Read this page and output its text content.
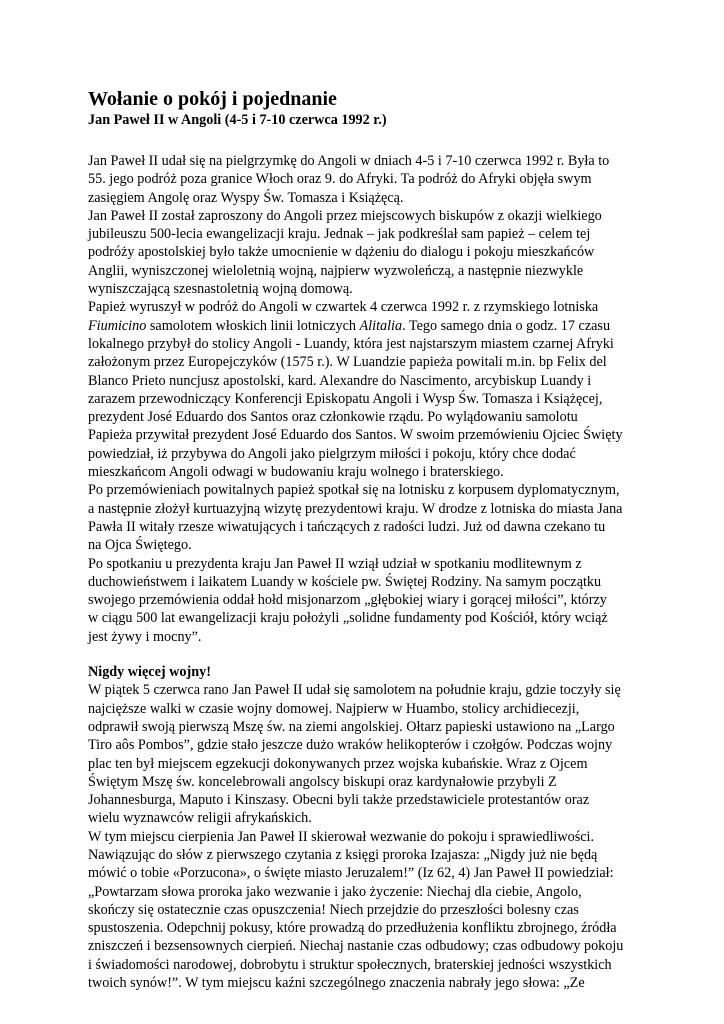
Wołanie o pokój i pojednanie
Jan Paweł II w Angoli (4-5 i 7-10 czerwca 1992 r.)

Jan Paweł II udał się na pielgrzymkę do Angoli w dniach 4-5 i 7-10 czerwca 1992 r. Była to
55. jego podróż poza granice Włoch oraz 9. do Afryki. Ta podróż do Afryki objęła swym
zasięgiem Angolę oraz Wyspy Św. Tomasza i Książęcą.

Jan Paweł II został zaproszony do Angoli przez miejscowych biskupów z okazji wielkiego
jubileuszu 500-lecia ewangelizacji kraju. Jednak – jak podkreślał sam papież – celem tej
podróży apostolskiej było także umocnienie w dążeniu do dialogu i pokoju mieszkańców
Anglii, wyniszczonej wieloletnią wojną, najpierw wyzwoleńczą, a następnie niezwykle
wyniszczającą szesnastoletnią wojną domową.

Papież wyruszył w podróż do Angoli w czwartek 4 czerwca 1992 r. z rzymskiego lotniska
Fiumicino samolotem włoskich linii lotniczych Alitalia. Tego samego dnia o godz. 17 czasu
lokalnego przybył do stolicy Angoli - Luandy, która jest najstarszym miastem czarnej Afryki
założonym przez Europejczyków (1575 r.). W Luandzie papieża powitali m.in. bp Felix del
Blanco Prieto nuncjusz apostolski, kard. Alexandre do Nascimento, arcybiskup Luandy i
zarazem przewodniczący Konferencji Episkopatu Angoli i Wysp Św. Tomasza i Książęcej,
prezydent José Eduardo dos Santos oraz członkowie rządu. Po wylądowaniu samolotu
Papieża przywitał prezydent José Eduardo dos Santos. W swoim przemówieniu Ojciec Święty
powiedział, iż przybywa do Angoli jako pielgrzym miłości i pokoju, który chce dodać
mieszkańcom Angoli odwagi w budowaniu kraju wolnego i braterskiego.

Po przemówieniach powitalnych papież spotkał się na lotnisku z korpusem dyplomatycznym,
a następnie złożył kurtuazyjną wizytę prezydentowi kraju. W drodze z lotniska do miasta Jana
Pawła II witały rzesze wiwatujących i tańczących z radości ludzi. Już od dawna czekano tu
na Ojca Świętego.

Po spotkaniu u prezydenta kraju Jan Paweł II wziął udział w spotkaniu modlitewnym z
duchowieństwem i laikatem Luandy w kościele pw. Świętej Rodziny. Na samym początku
swojego przemówienia oddał hołd misjonarzom „głębokiej wiary i gorącej miłości”, którzy
w ciągu 500 lat ewangelizacji kraju położyli „solidne fundamenty pod Kościół, który wciąż
jest żywy i mocny”.

Nigdy więcej wojny!

W piątek 5 czerwca rano Jan Paweł II udał się samolotem na południe kraju, gdzie toczyły się
najcięższe walki w czasie wojny domowej. Najpierw w Huambo, stolicy archidiecezji,
odprawił swoją pierwszą Mszę św. na ziemi angolskiej. Ołtarz papieski ustawiono na „Largo
Tiro aôs Pombos”, gdzie stało jeszcze dużo wraków helikopterów i czołgów. Podczas wojny
plac ten był miejscem egzekucji dokonywanych przez wojska kubańskie. Wraz z Ojcem
Świętym Mszę św. koncelebrowali angolscy biskupi oraz kardynałowie przybyli Z
Johannesburga, Maputo i Kinszasy. Obecni byli także przedstawiciele protestantów oraz
wielu wyznawców religii afrykańskich.

W tym miejscu cierpienia Jan Paweł II skierował wezwanie do pokoju i sprawiedliwości.
Nawiązując do słów z pierwszego czytania z księgi proroka Izajasza: „Nigdy już nie będą
mówić o tobie «Porzucona», o święte miasto Jeruzalem!” (Iz 62, 4) Jan Paweł II powiedział:
„Powtarzam słowa proroka jako wezwanie i jako życzenie: Niechaj dla ciebie, Angolo,
skończy się ostatecznie czas opuszczenia! Niech przejdzie do przeszłości bolesny czas
spustoszenia. Odepchnij pokusy, które prowadzą do przedłużenia konfliktu zbrojnego, źródła
zniszczeń i bezsensownych cierpień. Niechaj nastanie czas odbudowy; czas odbudowy pokoju
i świadomości narodowej, dobrobytu i struktur społecznych, braterskiej jedności wszystkich
twoich synów!”. W tym miejscu kaźni szczególnego znaczenia nabrały jego słowa: „Ze
